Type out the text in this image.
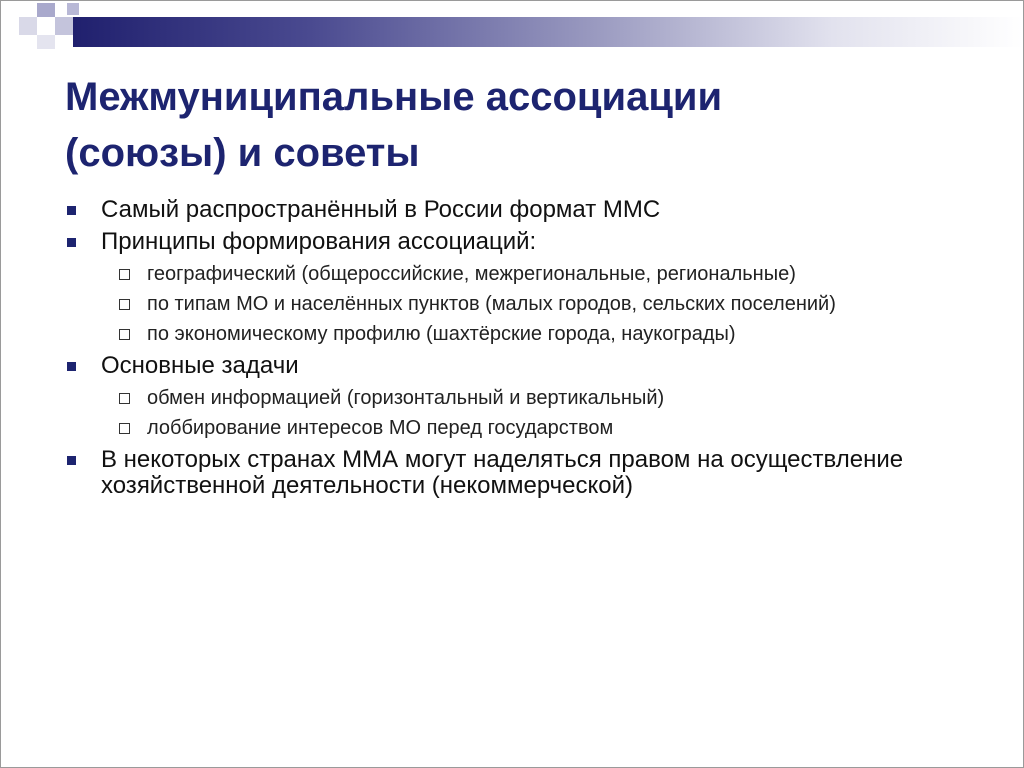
Межмуниципальные ассоциации
(союзы) и советы
Самый распространённый в России формат ММС
Принципы формирования ассоциаций:
географический (общероссийские, межрегиональные, региональные)
по типам МО и населённых пунктов (малых городов, сельских поселений)
по экономическому профилю (шахтёрские города, наукограды)
Основные задачи
обмен информацией (горизонтальный и вертикальный)
лоббирование интересов МО перед государством
В некоторых странах ММА могут наделяться правом на осуществление хозяйственной деятельности (некоммерческой)
